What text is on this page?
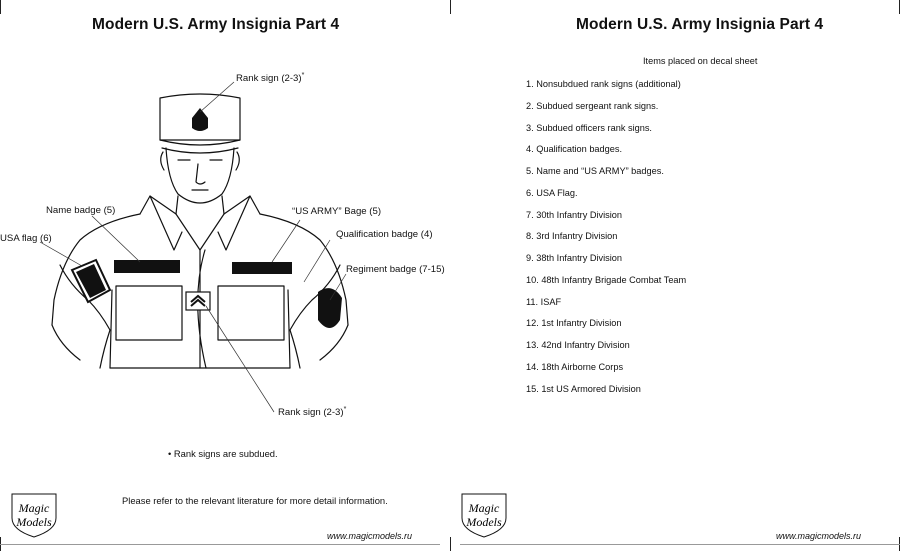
Modern U.S. Army Insignia Part 4
Rank sign (2-3)*
Name badge (5)
USA flag (6)
“US ARMY” Bage (5)
Qualification badge (4)
Regiment badge (7-15)
Rank sign (2-3)*
• Rank signs are subdued.
Please refer to the relevant literature for more detail information.
Magic
Models
www.magicmodels.ru
Modern U.S. Army Insignia Part 4
Items placed on decal sheet
1. Nonsubdued rank signs (additional)
2. Subdued sergeant rank signs.
3. Subdued officers rank signs.
4. Qualification badges.
5. Name and “US ARMY” badges.
6. USA Flag.
7. 30th Infantry Division
8. 3rd Infantry Division
9. 38th Infantry Division
10. 48th Infantry Brigade Combat Team
11. ISAF
12. 1st Infantry Division
13. 42nd Infantry Division
14. 18th Airborne Corps
15. 1st US Armored Division
Magic
Models
www.magicmodels.ru
